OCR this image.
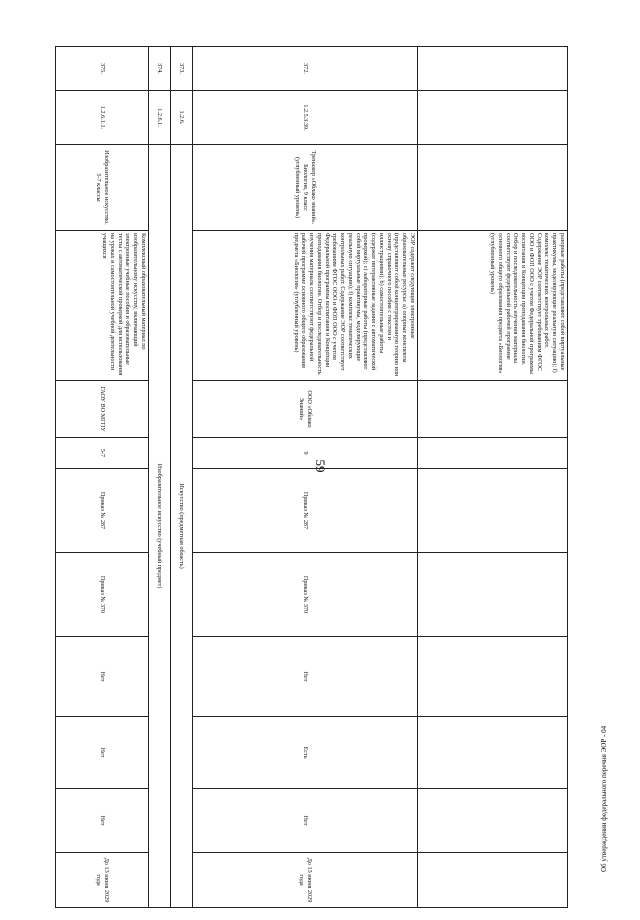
59
			разорные работы (представляют собой виртуальные практикумы, моделирующие реальную ситуацию); f) комплекс тематических контрольных работ. Содержание ЭОР соответствует требованиям ФГОС ООО и ФОП ООО с учетом Федеральной программы воспитания и Концепции преподавания биологии. Отбор и последовательность изучения материала соответствуют федеральной рабочей программе основного общего образования предмета «Биология» (углубленный уровень)								
372.	1.2.5.3.39.	Тренажер «Облако знаний». Биология, 9 класс (углубленный уровень)	ЭОР содержит следующие электронные образовательные ресурсы: a) опорные конспекты (представляют собой концентрированную теорию или основу справочного пособия с текстом и иллюстрациями); b) самостоятельные работы (содержат интерактивные задания с автоматической проверкой); c) лабораторные работы (представляют собой виртуальные практикумы, моделирующие реальную ситуацию); f) комплекс тематических контрольных работ. Содержание ЭОР соответствует требованиям ФГОС ООО и ФОП ООО с учетом Федеральной программы воспитания и Концепции преподавания биологии. Отбор и последовательность изучения материала соответствуют федеральной рабочей программе основного общего образования предмета «Биология» (углубленный уровень)	ООО «Облако Знаний»	9	Приказ № 287	Приказ № 370	Нет	Есть	Нет	До 13 июня 2029 года
373.	1.2.6.	Искусство (предметная область)									
374.	1.2.6.1.	Изобразительное искусство (учебный предмет)									
375.	1.2.6.1.1.	Изобразительное искусство. 5-7 классы	Комплексный образовательный материал по изобразительному искусству, включающий электронные учебные пособия и образовательные тесты с автоматической проверкой для использования на уроках и самостоятельной учебной деятельности учащихся	ГАОУ ВО МГПУ	5-7	Приказ № 287	Приказ № 370	Нет	Нет	Нет	До 13 июня 2029 года
Об утверждении федерального перечня ЭОР - 04
